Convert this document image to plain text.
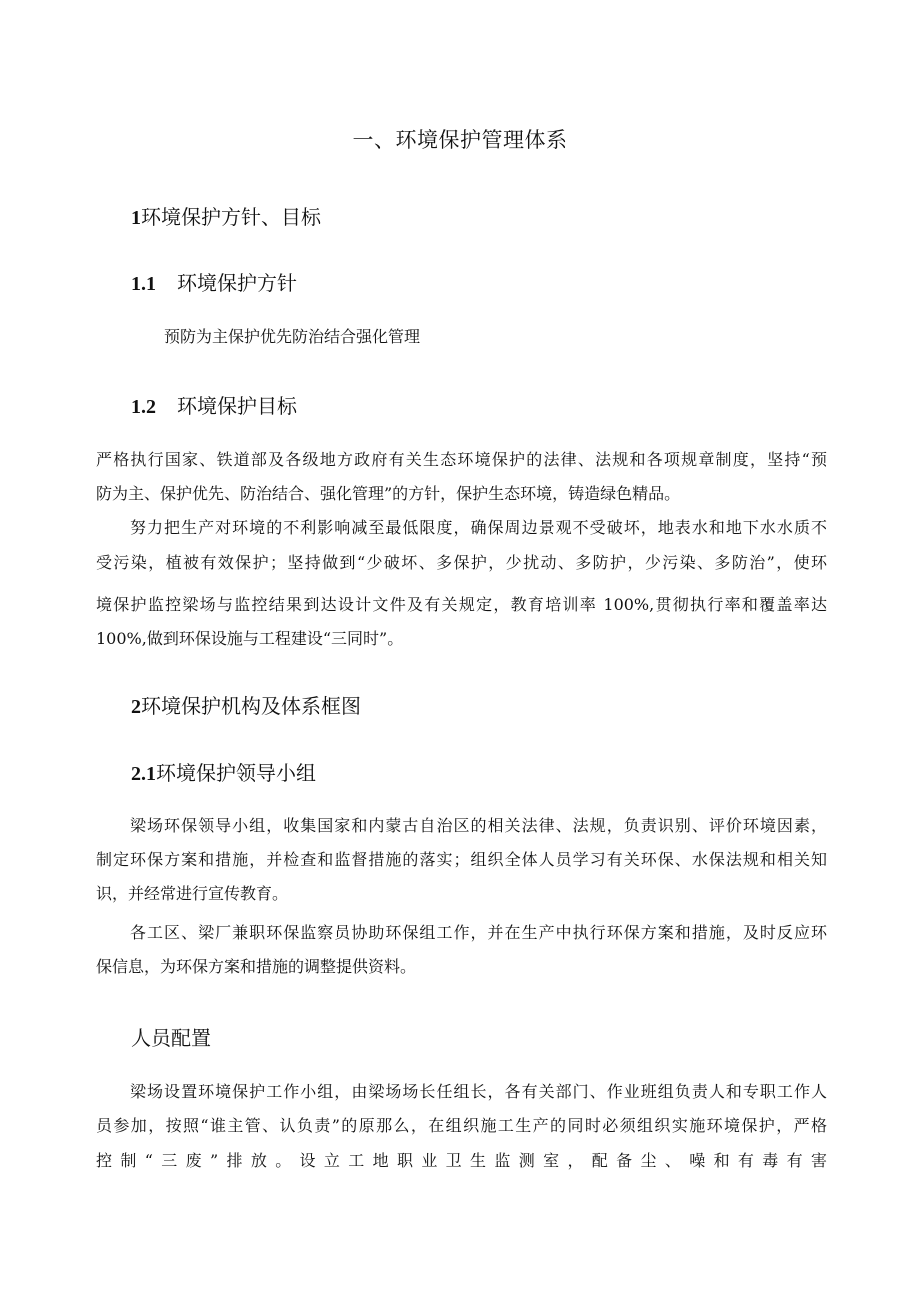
一、环境保护管理体系
1环境保护方针、目标
1.1 环境保护方针
预防为主保护优先防治结合强化管理
1.2 环境保护目标
严格执行国家、铁道部及各级地方政府有关生态环境保护的法律、法规和各项规章制度，坚持“预
防为主、保护优先、防治结合、强化管理”的方针，保护生态环境，铸造绿色精品。
努力把生产对环境的不利影响减至最低限度，确保周边景观不受破坏，地表水和地下水水质不
受污染，植被有效保护；坚持做到“少破坏、多保护，少扰动、多防护，少污染、多防治”，使环
境保护监控梁场与监控结果到达设计文件及有关规定，教育培训率 100%,贯彻执行率和覆盖率达
100%,做到环保设施与工程建设“三同时”。
2环境保护机构及体系框图
2.1环境保护领导小组
梁场环保领导小组，收集国家和内蒙古自治区的相关法律、法规，负责识别、评价环境因素，
制定环保方案和措施，并检查和监督措施的落实；组织全体人员学习有关环保、水保法规和相关知
识，并经常进行宣传教育。
各工区、梁厂兼职环保监察员协助环保组工作，并在生产中执行环保方案和措施，及时反应环
保信息，为环保方案和措施的调整提供资料。
人员配置
梁场设置环境保护工作小组，由梁场场长任组长，各有关部门、作业班组负责人和专职工作人
员参加，按照“谁主管、认负责”的原那么，在组织施工生产的同时必须组织实施环境保护，严格
控制“三废”排放。设立工地职业卫生监测室，配备尘、噪和有毒有害
